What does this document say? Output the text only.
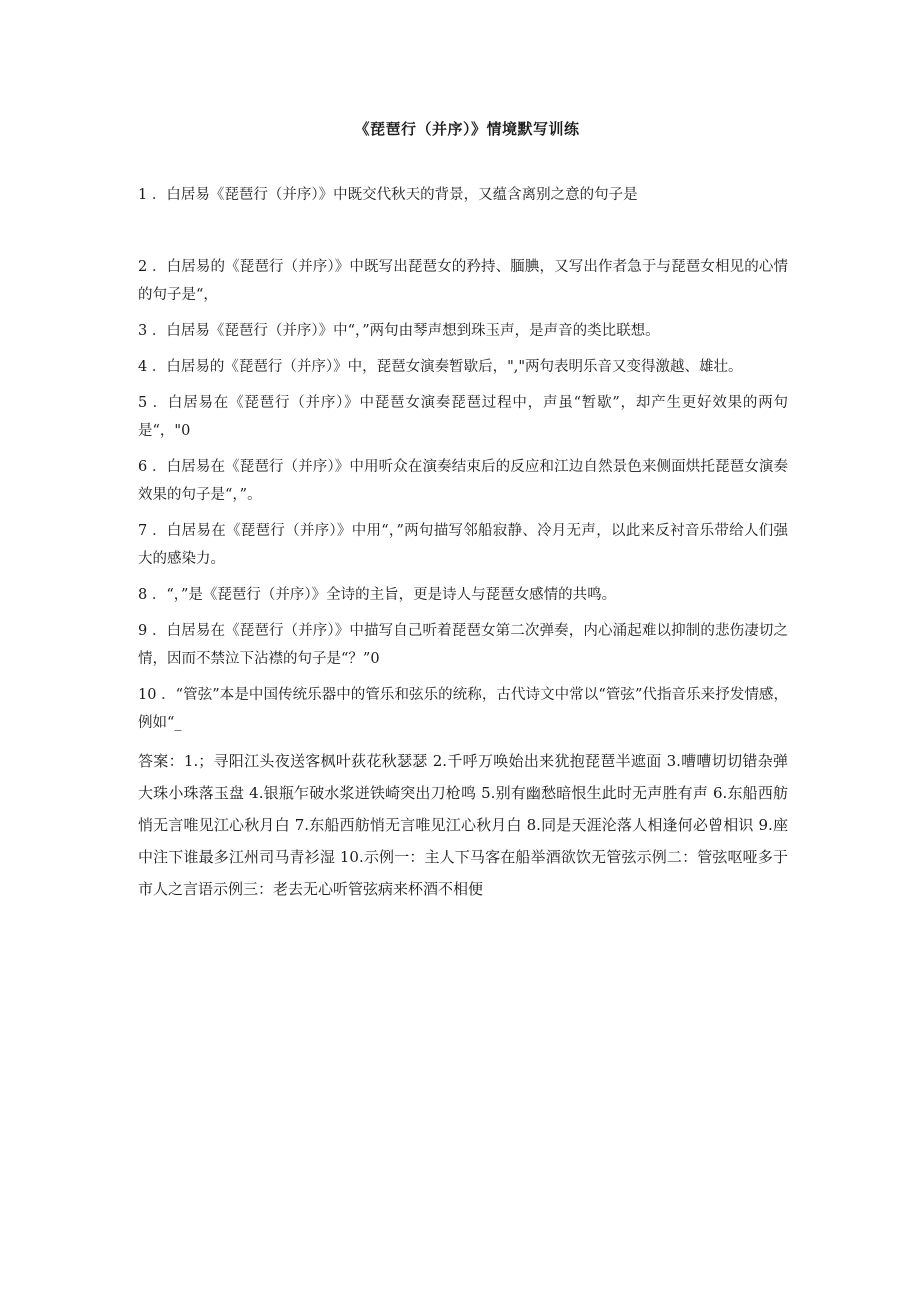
《琵琶行（并序）》情境默写训练

1 ．白居易《琵琶行（并序）》中既交代秋天的背景，又蕴含离别之意的句子是

2 ．白居易的《琵琶行（并序）》中既写出琵琶女的矜持、腼腆，又写出作者急于与琵琶女相见的心情的句子是“，

3 ．白居易《琵琶行（并序）》中“，”两句由琴声想到珠玉声，是声音的类比联想。

4 ．白居易的《琵琶行（并序）》中，琵琶女演奏暂歇后，","两句表明乐音又变得激越、雄壮。

5 ．白居易在《琵琶行（并序）》中琵琶女演奏琵琶过程中，声虽“暂歇”，却产生更好效果的两句是“，"0

6 ．白居易在《琵琶行（并序）》中用听众在演奏结束后的反应和江边自然景色来侧面烘托琵琶女演奏效果的句子是“，”。

7 ．白居易在《琵琶行（并序）》中用“，”两句描写邻船寂静、冷月无声，以此来反衬音乐带给人们强大的感染力。

8 ．“，”是《琵琶行（并序）》全诗的主旨，更是诗人与琵琶女感情的共鸣。

9 ．白居易在《琵琶行（并序）》中描写自己听着琵琶女第二次弹奏，内心涌起难以抑制的悲伤凄切之情，因而不禁泣下沾襟的句子是“？”0

10 ．“管弦”本是中国传统乐器中的管乐和弦乐的统称，古代诗文中常以“管弦”代指音乐来抒发情感，例如“_

答案：1.；寻阳江头夜送客枫叶荻花秋瑟瑟 2.千呼万唤始出来犹抱琵琶半遮面 3.嘈嘈切切错杂弹大珠小珠落玉盘 4.银瓶乍破水浆迸铁崎突出刀枪鸣 5.别有幽愁暗恨生此时无声胜有声 6.东船西舫悄无言唯见江心秋月白 7.东船西舫悄无言唯见江心秋月白 8.同是天涯沦落人相逢何必曾相识 9.座中注下谁最多江州司马青衫湿 10.示例一：主人下马客在船举酒欲饮无管弦示例二：管弦呕哑多于市人之言语示例三：老去无心听管弦病来杯酒不相便
